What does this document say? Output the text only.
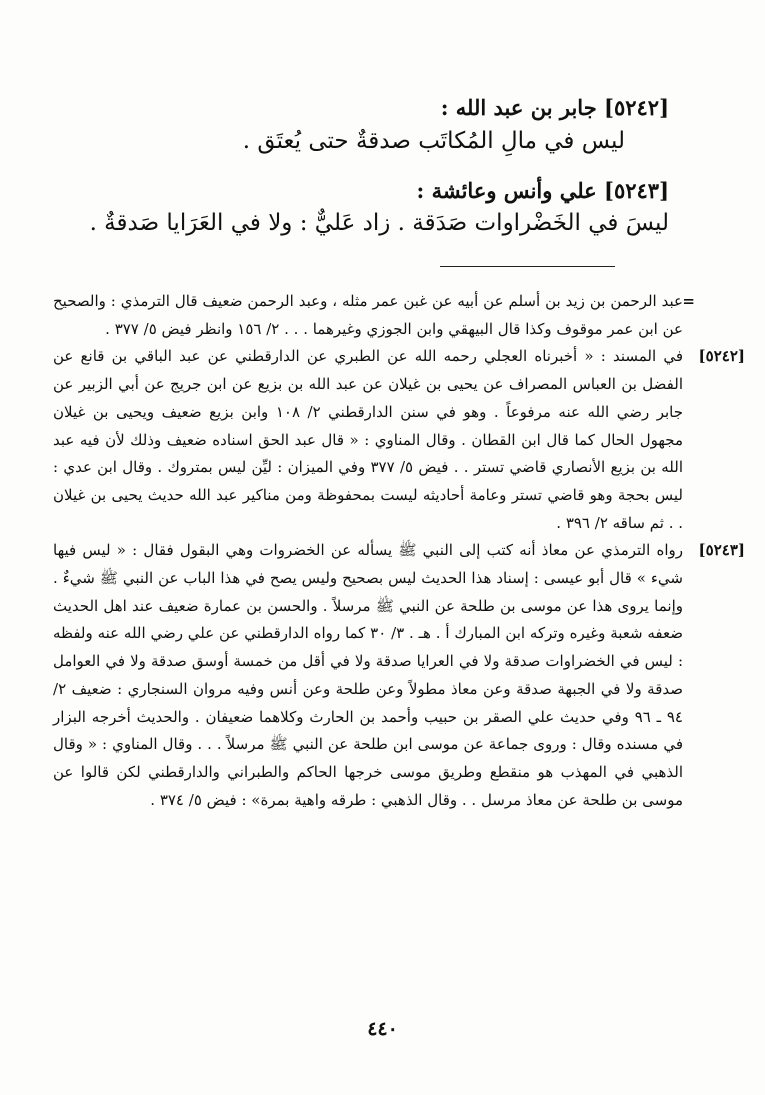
[٥٢٤٢] جابر بن عبد الله :
ليس في مالِ المُكاتَب صدقةٌ حتى يُعتَق .
[٥٢٤٣] علي وأنس وعائشة :
ليسَ في الخَضْراوات صَدَقة . زاد عَليٌّ : ولا في العَرَايا صَدقةٌ .
=

عبد الرحمن بن زيد بن أسلم عن أبيه عن غبن عمر مثله ، وعبد الرحمن ضعيف قال الترمذي : والصحيح عن ابن عمر موقوف وكذا قال البيهقي وابن الجوزي وغيرهما . . . ٢/ ١٥٦ وانظر فيض ٥/ ٣٧٧ .

[٥٢٤٢]

في المسند : « أخبرناه العجلي رحمه الله عن الطبري عن الدارقطني عن عبد الباقي بن قانع عن الفضل بن العباس المصراف عن يحيى بن غيلان عن عبد الله بن بزيع عن ابن جريج عن أبي الزبير عن جابر رضي الله عنه مرفوعاً . وهو في سنن الدارقطني ٢/ ١٠٨ وابن بزيع ضعيف ويحيى بن غيلان مجهول الحال كما قال ابن القطان . وقال المناوي : « قال عبد الحق اسناده ضعيف وذلك لأن فيه عبد الله بن بزيع الأنصاري قاضي تستر . . فيض ٥/ ٣٧٧ وفي الميزان : ليِّن ليس بمتروك . وقال ابن عدي : ليس بحجة وهو قاضي تستر وعامة أحاديثه ليست بمحفوظة ومن مناكير عبد الله حديث يحيى بن غيلان . . ثم ساقه ٢/ ٣٩٦ .

[٥٢٤٣]

رواه الترمذي عن معاذ أنه كتب إلى النبي ﷺ يسأله عن الخضروات وهي البقول فقال : « ليس فيها شيء » قال أبو عيسى : إسناد هذا الحديث ليس بصحيح وليس يصح في هذا الباب عن النبي ﷺ شيءٌ . وإنما يروى هذا عن موسى بن طلحة عن النبي ﷺ مرسلاً . والحسن بن عمارة ضعيف عند اهل الحديث ضعفه شعبة وغيره وتركه ابن المبارك أ . هـ . ٣/ ٣٠ كما رواه الدارقطني عن علي رضي الله عنه ولفظه : ليس في الخضراوات صدقة ولا في العرايا صدقة ولا في أقل من خمسة أوسق صدقة ولا في العوامل صدقة ولا في الجبهة صدقة وعن معاذ مطولاً وعن طلحة وعن أنس وفيه مروان السنجاري : ضعيف ٢/ ٩٤ ـ ٩٦ وفي حديث علي الصقر بن حبيب وأحمد بن الحارث وكلاهما ضعيفان . والحديث أخرجه البزار في مسنده وقال : وروى جماعة عن موسى ابن طلحة عن النبي ﷺ مرسلاً . . . وقال المناوي : « وقال الذهبي في المهذب هو منقطع وطريق موسى خرجها الحاكم والطبراني والدارقطني لكن قالوا عن موسى بن طلحة عن معاذ مرسل . . وقال الذهبي : طرقه واهية بمرة» : فيض ٥/ ٣٧٤ .

٤٤٠
